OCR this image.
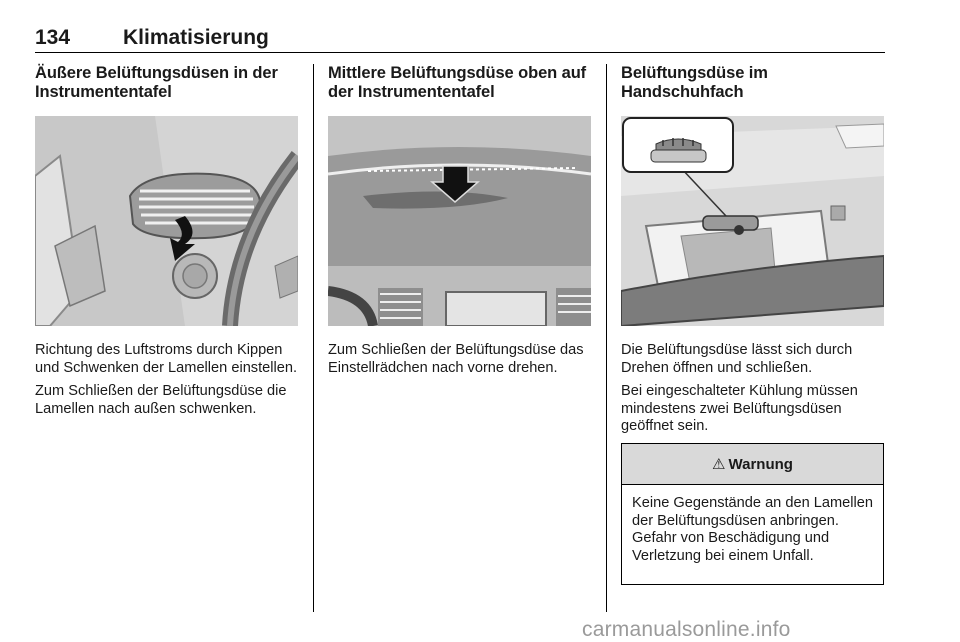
134	Klimatisierung
Äußere Belüftungsdüsen in der Instrumententafel

Richtung des Luftstroms durch Kippen und Schwenken der Lamellen einstellen.

Zum Schließen der Belüftungsdüse die Lamellen nach außen schwenken.

Mittlere Belüftungsdüse oben auf der Instrumententafel

Zum Schließen der Belüftungsdüse das Einstellrädchen nach vorne drehen.

Belüftungsdüse im Handschuhfach

Die Belüftungsdüse lässt sich durch Drehen öffnen und schließen.

Bei eingeschalteter Kühlung müssen mindestens zwei Belüftungsdüsen geöffnet sein.

⚠ Warnung
Keine Gegenstände an den Lamellen der Belüftungsdüsen anbringen. Gefahr von Beschädigung und Verletzung bei einem Unfall.
carmanualsonline.info
